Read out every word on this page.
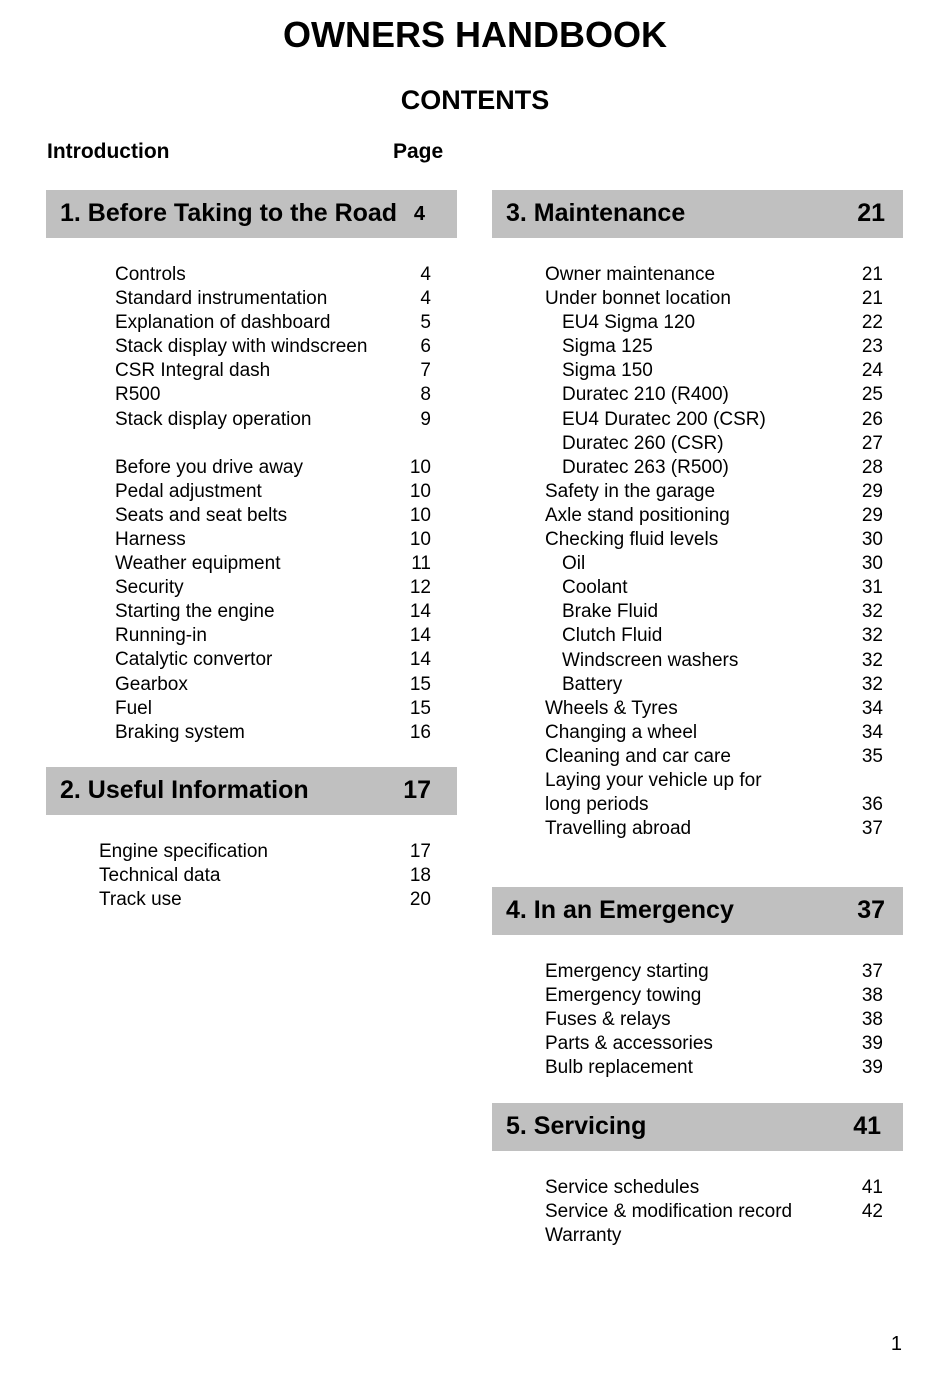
OWNERS HANDBOOK
CONTENTS
Introduction	Page
1. Before Taking to the Road 4
Controls	4
Standard instrumentation	4
Explanation of dashboard	5
Stack display with windscreen	6
CSR Integral dash	7
R500	8
Stack display operation	9
Before you drive away	10
Pedal adjustment	10
Seats and seat belts	10
Harness	10
Weather equipment	11
Security	12
Starting the engine	14
Running-in	14
Catalytic convertor	14
Gearbox	15
Fuel	15
Braking system	16
2. Useful Information	17
Engine specification	17
Technical data	18
Track use	20
3. Maintenance	21
Owner maintenance	21
Under bonnet location	21
EU4 Sigma 120	22
Sigma 125	23
Sigma 150	24
Duratec 210 (R400)	25
EU4 Duratec 200 (CSR)	26
Duratec 260 (CSR)	27
Duratec 263 (R500)	28
Safety in the garage	29
Axle stand positioning	29
Checking fluid levels	30
Oil	30
Coolant	31
Brake Fluid	32
Clutch Fluid	32
Windscreen washers	32
Battery	32
Wheels & Tyres	34
Changing a wheel	34
Cleaning and car care	35
Laying your vehicle up for
long periods	36
Travelling abroad	37
4. In an Emergency	37
Emergency starting	37
Emergency towing	38
Fuses & relays	38
Parts & accessories	39
Bulb replacement	39
5. Servicing	41
Service schedules	41
Service & modification record	42
Warranty
1
